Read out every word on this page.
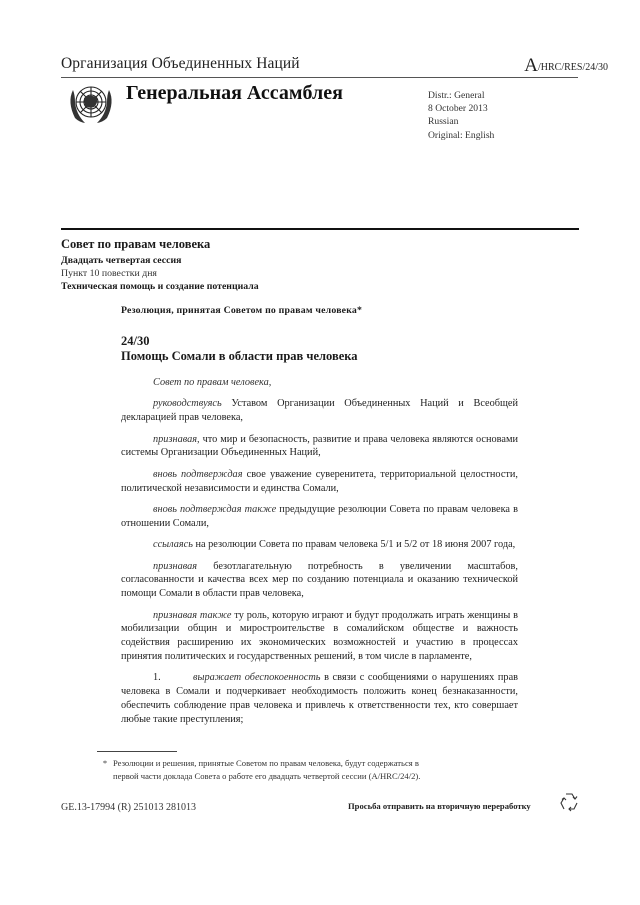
Организация Объединенных Наций	A/HRC/RES/24/30
Генеральная Ассамблея	Distr.: General
8 October 2013
Russian
Original: English
Совет по правам человека
Двадцать четвертая сессия
Пункт 10 повестки дня
Техническая помощь и создание потенциала
Резолюция, принятая Советом по правам человека*
24/30
Помощь Сомали в области прав человека

Совет по правам человека,

руководствуясь Уставом Организации Объединенных Наций и Всеобщей декларацией прав человека,

признавая, что мир и безопасность, развитие и права человека являются основами системы Организации Объединенных Наций,

вновь подтверждая свое уважение суверенитета, территориальной целостности, политической независимости и единства Сомали,

вновь подтверждая также предыдущие резолюции Совета по правам человека в отношении Сомали,

ссылаясь на резолюции Совета по правам человека 5/1 и 5/2 от 18 июня 2007 года,

признавая безотлагательную потребность в увеличении масштабов, согласованности и качества всех мер по созданию потенциала и оказанию технической помощи Сомали в области прав человека,

признавая также ту роль, которую играют и будут продолжать играть женщины в мобилизации общин и миростроительстве в сомалийском обществе и важность содействия расширению их экономических возможностей и участию в процессах принятия политических и государственных решений, в том числе в парламенте,

1.	выражает обеспокоенность в связи с сообщениями о нарушениях прав человека в Сомали и подчеркивает необходимость положить конец безнаказанности, обеспечить соблюдение прав человека и привлечь к ответственности тех, кто совершает любые такие преступления;

* Резолюции и решения, принятые Советом по правам человека, будут содержаться в
первой части доклада Совета о работе его двадцать четвертой сессии (A/HRC/24/2).
GE.13-17994 (R) 251013 281013	Просьба отправить на вторичную переработку
